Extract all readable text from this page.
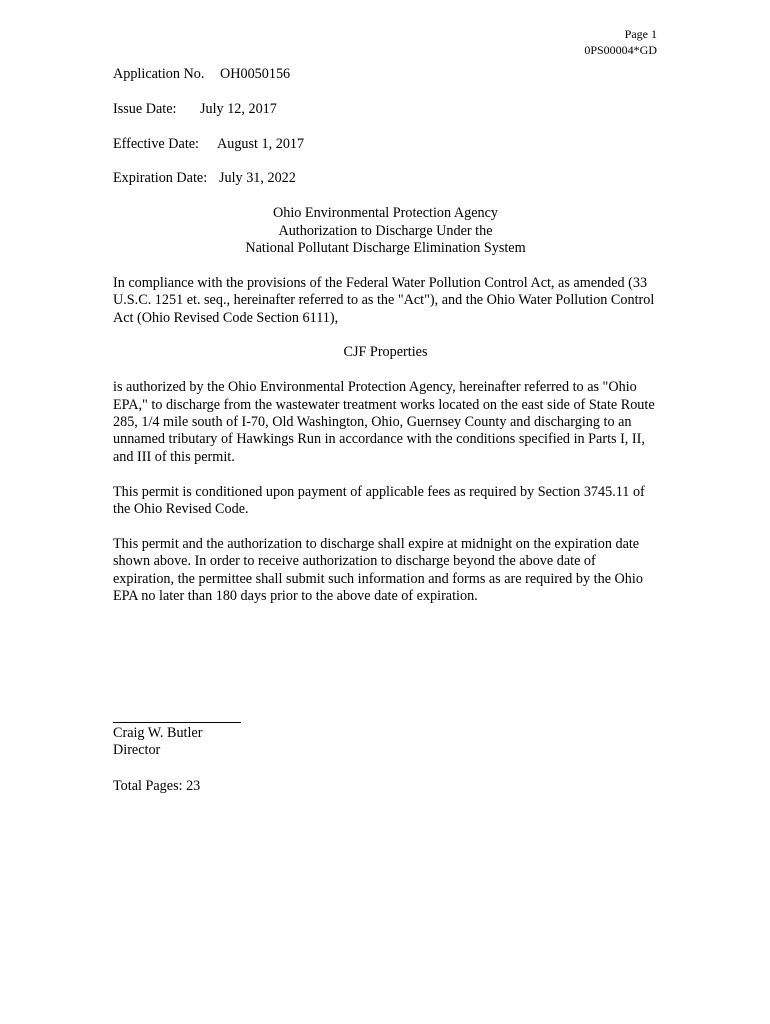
Page 1
0PS00004*GD
Application No. OH0050156
Issue Date: July 12, 2017
Effective Date: August 1, 2017
Expiration Date: July 31, 2022
Ohio Environmental Protection Agency
Authorization to Discharge Under the
National Pollutant Discharge Elimination System

In compliance with the provisions of the Federal Water Pollution Control Act, as amended (33 U.S.C. 1251 et. seq., hereinafter referred to as the "Act"), and the Ohio Water Pollution Control Act (Ohio Revised Code Section 6111),

CJF Properties

is authorized by the Ohio Environmental Protection Agency, hereinafter referred to as "Ohio EPA," to discharge from the wastewater treatment works located on the east side of State Route 285, 1/4 mile south of I-70, Old Washington, Ohio, Guernsey County and discharging to an unnamed tributary of Hawkings Run in accordance with the conditions specified in Parts I, II, and III of this permit.

This permit is conditioned upon payment of applicable fees as required by Section 3745.11 of the Ohio Revised Code.

This permit and the authorization to discharge shall expire at midnight on the expiration date shown above. In order to receive authorization to discharge beyond the above date of expiration, the permittee shall submit such information and forms as are required by the Ohio EPA no later than 180 days prior to the above date of expiration.

Craig W. Butler
Director
Total Pages: 23
